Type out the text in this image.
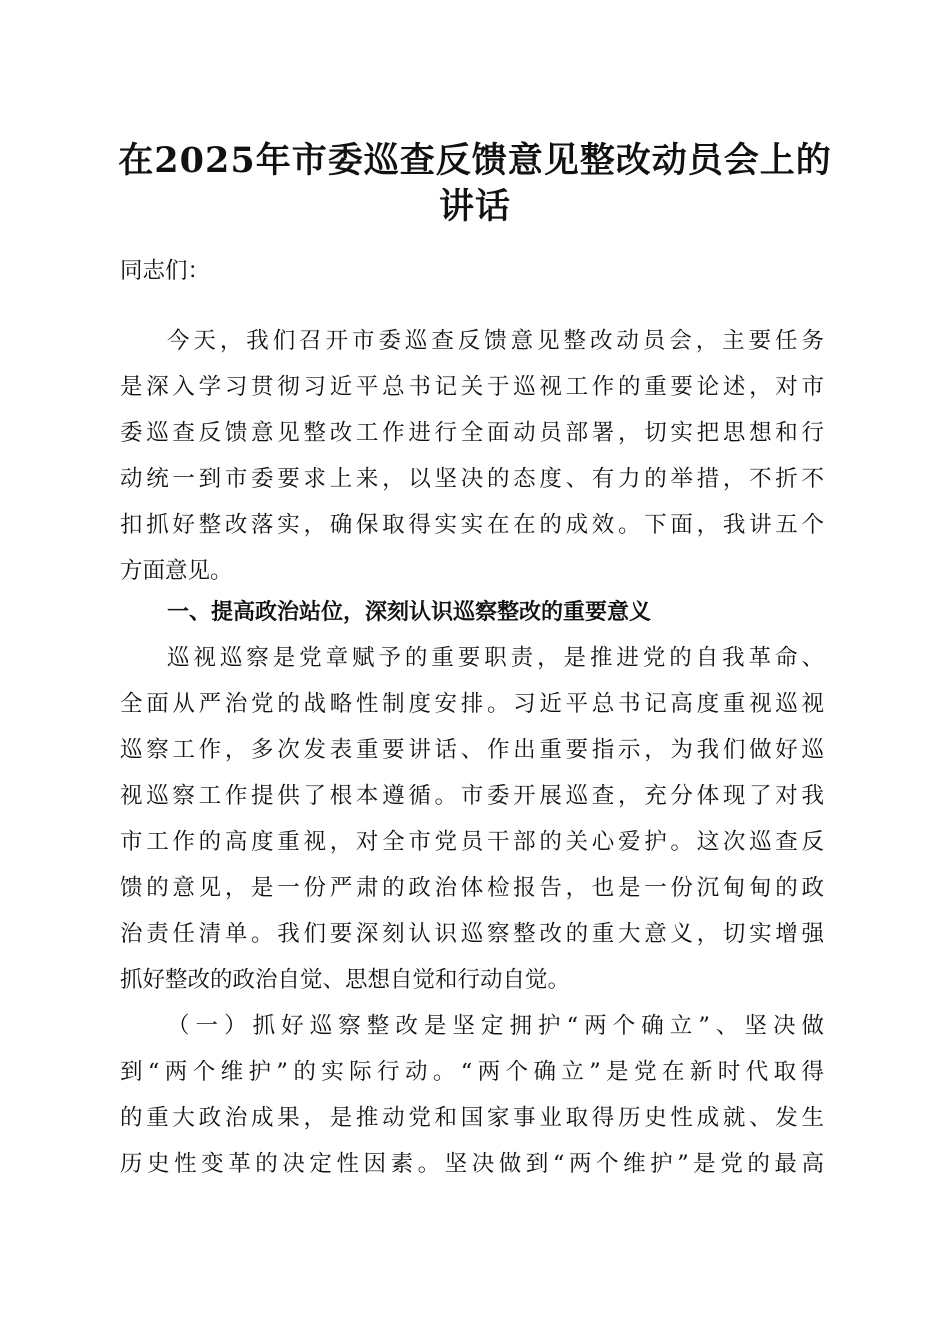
在2025年市委巡查反馈意见整改动员会上的
讲话
同志们：
今天，我们召开市委巡查反馈意见整改动员会，主要任务
是深入学习贯彻习近平总书记关于巡视工作的重要论述，对市
委巡查反馈意见整改工作进行全面动员部署，切实把思想和行
动统一到市委要求上来，以坚决的态度、有力的举措，不折不
扣抓好整改落实，确保取得实实在在的成效。下面，我讲五个
方面意见。
一、提高政治站位，深刻认识巡察整改的重要意义
巡视巡察是党章赋予的重要职责，是推进党的自我革命、
全面从严治党的战略性制度安排。习近平总书记高度重视巡视
巡察工作，多次发表重要讲话、作出重要指示，为我们做好巡
视巡察工作提供了根本遵循。市委开展巡查，充分体现了对我
市工作的高度重视，对全市党员干部的关心爱护。这次巡查反
馈的意见，是一份严肃的政治体检报告，也是一份沉甸甸的政
治责任清单。我们要深刻认识巡察整改的重大意义，切实增强
抓好整改的政治自觉、思想自觉和行动自觉。
（一）抓好巡察整改是坚定拥护“两个确立”、坚决做
到“两个维护”的实际行动。“两个确立”是党在新时代取得
的重大政治成果，是推动党和国家事业取得历史性成就、发生
历史性变革的决定性因素。坚决做到“两个维护”是党的最高
